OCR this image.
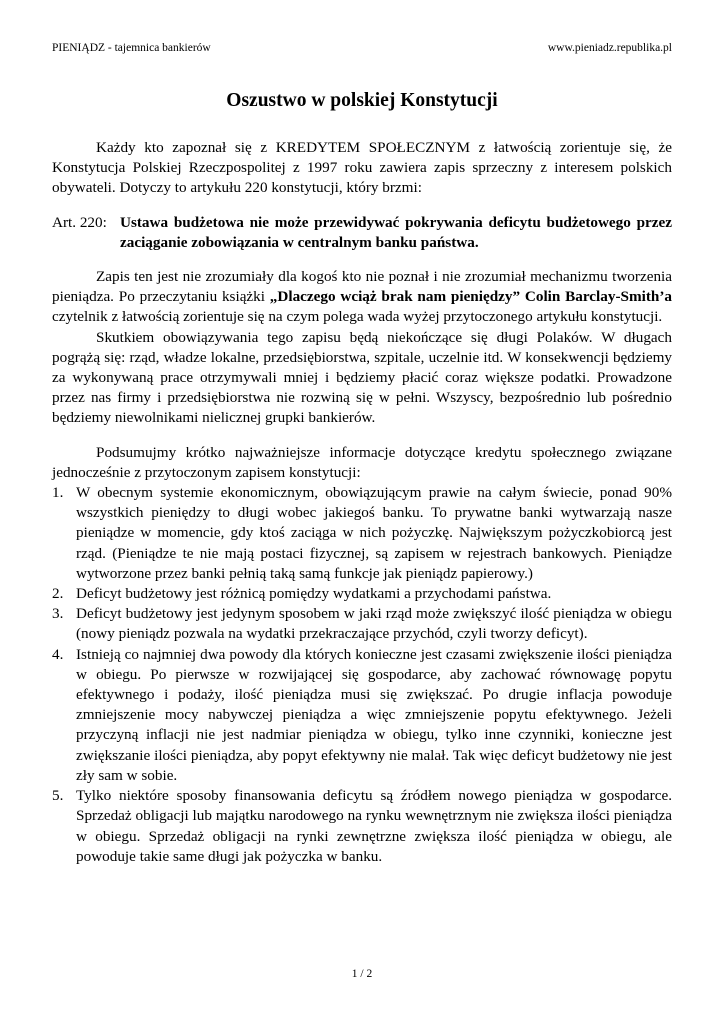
PIENIĄDZ - tajemnica bankierów	www.pieniadz.republika.pl
Oszustwo w polskiej Konstytucji

Każdy kto zapoznał się z KREDYTEM SPOŁECZNYM z łatwością zorientuje się, że Konstytucja Polskiej Rzeczpospolitej z 1997 roku zawiera zapis sprzeczny z interesem polskich obywateli. Dotyczy to artykułu 220 konstytucji, który brzmi:

Art. 220: Ustawa budżetowa nie może przewidywać pokrywania deficytu budżetowego przez zaciąganie zobowiązania w centralnym banku państwa.

Zapis ten jest nie zrozumiały dla kogoś kto nie poznał i nie zrozumiał mechanizmu tworzenia pieniądza. Po przeczytaniu książki „Dlaczego wciąż brak nam pieniędzy” Colin Barclay-Smith’a czytelnik z łatwością zorientuje się na czym polega wada wyżej przytoczonego artykułu konstytucji.

Skutkiem obowiązywania tego zapisu będą niekończące się długi Polaków. W długach pogrążą się: rząd, władze lokalne, przedsiębiorstwa, szpitale, uczelnie itd. W konsekwencji będziemy za wykonywaną prace otrzymywali mniej i będziemy płacić coraz większe podatki. Prowadzone przez nas firmy i przedsiębiorstwa nie rozwiną się w pełni. Wszyscy, bezpośrednio lub pośrednio będziemy niewolnikami nielicznej grupki bankierów.

Podsumujmy krótko najważniejsze informacje dotyczące kredytu społecznego związane jednocześnie z przytoczonym zapisem konstytucji:

1. W obecnym systemie ekonomicznym, obowiązującym prawie na całym świecie, ponad 90% wszystkich pieniędzy to długi wobec jakiegoś banku. To prywatne banki wytwarzają nasze pieniądze w momencie, gdy ktoś zaciąga w nich pożyczkę. Największym pożyczkobiorcą jest rząd. (Pieniądze te nie mają postaci fizycznej, są zapisem w rejestrach bankowych. Pieniądze wytworzone przez banki pełnią taką samą funkcje jak pieniądz papierowy.)
2. Deficyt budżetowy jest różnicą pomiędzy wydatkami a przychodami państwa.
3. Deficyt budżetowy jest jedynym sposobem w jaki rząd może zwiększyć ilość pieniądza w obiegu (nowy pieniądz pozwala na wydatki przekraczające przychód, czyli tworzy deficyt).
4. Istnieją co najmniej dwa powody dla których konieczne jest czasami zwiększenie ilości pieniądza w obiegu. Po pierwsze w rozwijającej się gospodarce, aby zachować równowagę popytu efektywnego i podaży, ilość pieniądza musi się zwiększać. Po drugie inflacja powoduje zmniejszenie mocy nabywczej pieniądza a więc zmniejszenie popytu efektywnego. Jeżeli przyczyną inflacji nie jest nadmiar pieniądza w obiegu, tylko inne czynniki, konieczne jest zwiększanie ilości pieniądza, aby popyt efektywny nie malał. Tak więc deficyt budżetowy nie jest zły sam w sobie.
5. Tylko niektóre sposoby finansowania deficytu są źródłem nowego pieniądza w gospodarce. Sprzedaż obligacji lub majątku narodowego na rynku wewnętrznym nie zwiększa ilości pieniądza w obiegu. Sprzedaż obligacji na rynki zewnętrzne zwiększa ilość pieniądza w obiegu, ale powoduje takie same długi jak pożyczka w banku.
1 / 2
